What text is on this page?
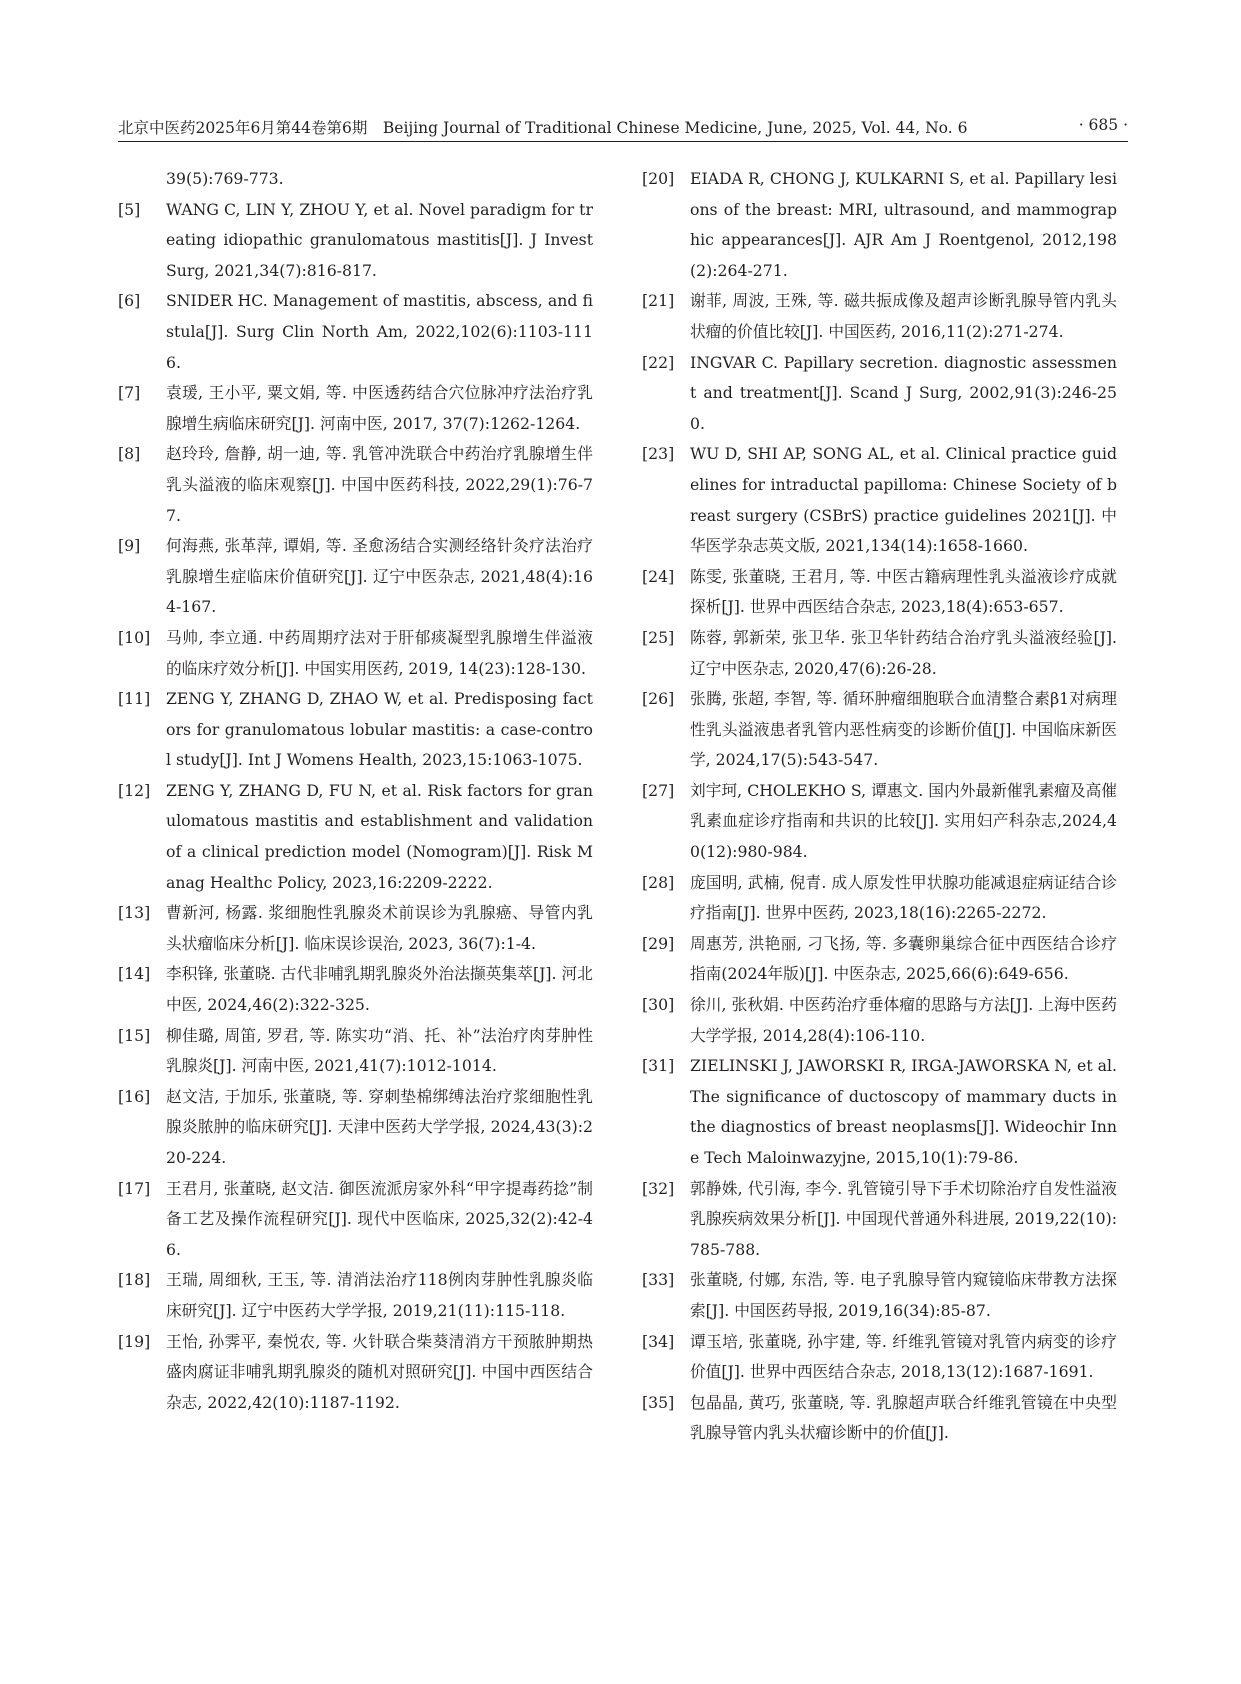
北京中医药2025年6月第44卷第6期　Beijing Journal of Traditional Chinese Medicine, June, 2025, Vol. 44, No. 6	· 685 ·

39(5):769-773.

[5] WANG C, LIN Y, ZHOU Y, et al. Novel paradigm for treating idiopathic granulomatous mastitis[J]. J Invest Surg, 2021,34(7):816-817.

[6] SNIDER HC. Management of mastitis, abscess, and fistula[J]. Surg Clin North Am, 2022,102(6):1103-1116.

[7] 袁瑗, 王小平, 粟文娟, 等. 中医透药结合穴位脉冲疗法治疗乳腺增生病临床研究[J]. 河南中医, 2017, 37(7):1262-1264.

[8] 赵玲玲, 詹静, 胡一迪, 等. 乳管冲洗联合中药治疗乳腺增生伴乳头溢液的临床观察[J]. 中国中医药科技, 2022,29(1):76-77.

[9] 何海燕, 张革萍, 谭娟, 等. 圣愈汤结合实测经络针灸疗法治疗乳腺增生症临床价值研究[J]. 辽宁中医杂志, 2021,48(4):164-167.

[10] 马帅, 李立通. 中药周期疗法对于肝郁痰凝型乳腺增生伴溢液的临床疗效分析[J]. 中国实用医药, 2019, 14(23):128-130.

[11] ZENG Y, ZHANG D, ZHAO W, et al. Predisposing factors for granulomatous lobular mastitis: a case-control study[J]. Int J Womens Health, 2023,15:1063-1075.

[12] ZENG Y, ZHANG D, FU N, et al. Risk factors for granulomatous mastitis and establishment and validation of a clinical prediction model (Nomogram)[J]. Risk Manag Healthc Policy, 2023,16:2209-2222.

[13] 曹新河, 杨露. 浆细胞性乳腺炎术前误诊为乳腺癌、导管内乳头状瘤临床分析[J]. 临床误诊误治, 2023, 36(7):1-4.

[14] 李积锋, 张董晓. 古代非哺乳期乳腺炎外治法撷英集萃[J]. 河北中医, 2024,46(2):322-325.

[15] 柳佳璐, 周笛, 罗君, 等. 陈实功“消、托、补”法治疗肉芽肿性乳腺炎[J]. 河南中医, 2021,41(7):1012-1014.

[16] 赵文洁, 于加乐, 张董晓, 等. 穿刺垫棉绑缚法治疗浆细胞性乳腺炎脓肿的临床研究[J]. 天津中医药大学学报, 2024,43(3):220-224.

[17] 王君月, 张董晓, 赵文洁. 御医流派房家外科“甲字提毒药捻”制备工艺及操作流程研究[J]. 现代中医临床, 2025,32(2):42-46.

[18] 王瑞, 周细秋, 王玉, 等. 清消法治疗118例肉芽肿性乳腺炎临床研究[J]. 辽宁中医药大学学报, 2019,21(11):115-118.

[19] 王怡, 孙霁平, 秦悦农, 等. 火针联合柴葵清消方干预脓肿期热盛肉腐证非哺乳期乳腺炎的随机对照研究[J]. 中国中西医结合杂志, 2022,42(10):1187-1192.

[20] EIADA R, CHONG J, KULKARNI S, et al. Papillary lesions of the breast: MRI, ultrasound, and mammographic appearances[J]. AJR Am J Roentgenol, 2012,198(2):264-271.

[21] 谢菲, 周波, 王殊, 等. 磁共振成像及超声诊断乳腺导管内乳头状瘤的价值比较[J]. 中国医药, 2016,11(2):271-274.

[22] INGVAR C. Papillary secretion. diagnostic assessment and treatment[J]. Scand J Surg, 2002,91(3):246-250.

[23] WU D, SHI AP, SONG AL, et al. Clinical practice guidelines for intraductal papilloma: Chinese Society of breast surgery (CSBrS) practice guidelines 2021[J]. 中华医学杂志英文版, 2021,134(14):1658-1660.

[24] 陈雯, 张董晓, 王君月, 等. 中医古籍病理性乳头溢液诊疗成就探析[J]. 世界中西医结合杂志, 2023,18(4):653-657.

[25] 陈蓉, 郭新荣, 张卫华. 张卫华针药结合治疗乳头溢液经验[J]. 辽宁中医杂志, 2020,47(6):26-28.

[26] 张腾, 张超, 李智, 等. 循环肿瘤细胞联合血清整合素β1对病理性乳头溢液患者乳管内恶性病变的诊断价值[J]. 中国临床新医学, 2024,17(5):543-547.

[27] 刘宇珂, CHOLEKHO S, 谭惠文. 国内外最新催乳素瘤及高催乳素血症诊疗指南和共识的比较[J]. 实用妇产科杂志,2024,40(12):980-984.

[28] 庞国明, 武楠, 倪青. 成人原发性甲状腺功能减退症病证结合诊疗指南[J]. 世界中医药, 2023,18(16):2265-2272.

[29] 周惠芳, 洪艳丽, 刁飞扬, 等. 多囊卵巢综合征中西医结合诊疗指南(2024年版)[J]. 中医杂志, 2025,66(6):649-656.

[30] 徐川, 张秋娟. 中医药治疗垂体瘤的思路与方法[J]. 上海中医药大学学报, 2014,28(4):106-110.

[31] ZIELINSKI J, JAWORSKI R, IRGA-JAWORSKA N, et al. The significance of ductoscopy of mammary ducts in the diagnostics of breast neoplasms[J]. Wideochir Inne Tech Maloinwazyjne, 2015,10(1):79-86.

[32] 郭静姝, 代引海, 李今. 乳管镜引导下手术切除治疗自发性溢液乳腺疾病效果分析[J]. 中国现代普通外科进展, 2019,22(10):785-788.

[33] 张董晓, 付娜, 东浩, 等. 电子乳腺导管内窥镜临床带教方法探索[J]. 中国医药导报, 2019,16(34):85-87.

[34] 谭玉培, 张董晓, 孙宇建, 等. 纤维乳管镜对乳管内病变的诊疗价值[J]. 世界中西医结合杂志, 2018,13(12):1687-1691.

[35] 包晶晶, 黄巧, 张董晓, 等. 乳腺超声联合纤维乳管镜在中央型乳腺导管内乳头状瘤诊断中的价值[J].
